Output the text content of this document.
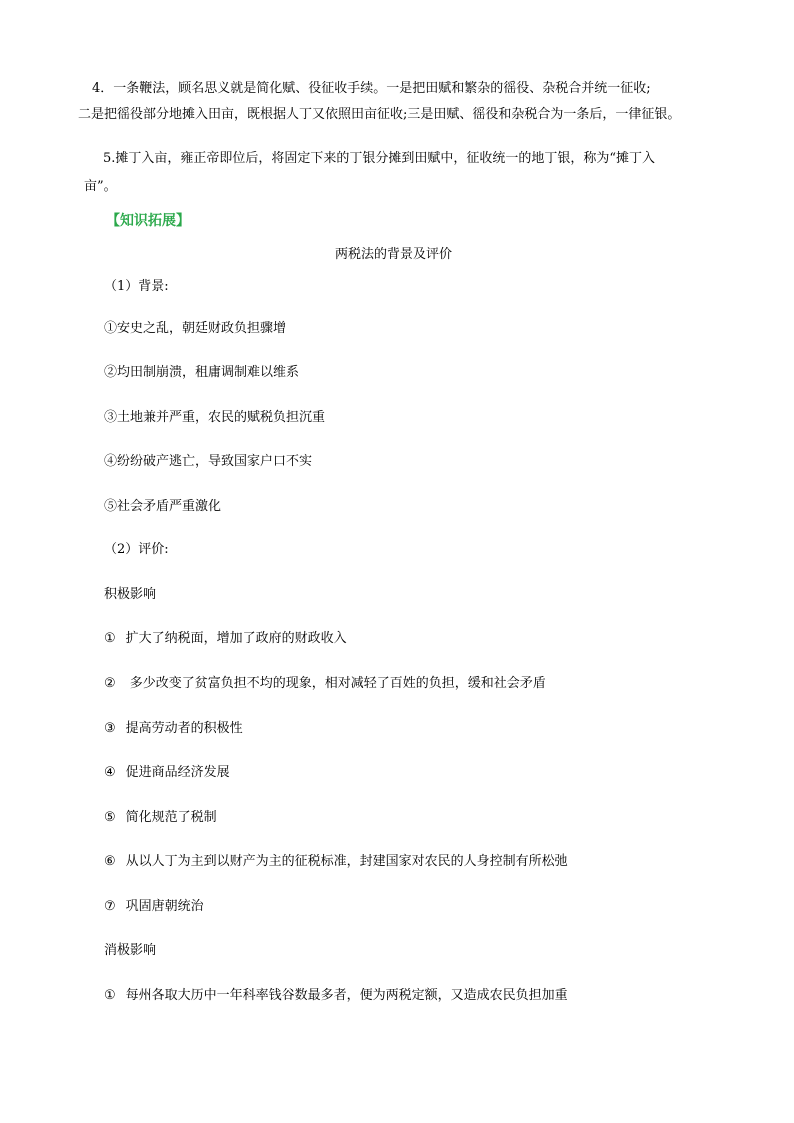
4．一条鞭法，顾名思义就是简化赋、役征收手续。一是把田赋和繁杂的徭役、杂税合并统一征收;
二是把徭役部分地摊入田亩，既根据人丁又依照田亩征收;三是田赋、徭役和杂税合为一条后，一律征银。
5.摊丁入亩，雍正帝即位后，将固定下来的丁银分摊到田赋中，征收统一的地丁银，称为“摊丁入
亩”。
【知识拓展】
两税法的背景及评价
（1）背景:
①安史之乱，朝廷财政负担骤增
②均田制崩溃，租庸调制难以维系
③土地兼并严重，农民的赋税负担沉重
④纷纷破产逃亡，导致国家户口不实
⑤社会矛盾严重激化
（2）评价:
积极影响
① 扩大了纳税面，增加了政府的财政收入
② 多少改变了贫富负担不均的现象，相对减轻了百姓的负担，缓和社会矛盾
③ 提高劳动者的积极性
④ 促进商品经济发展
⑤ 简化规范了税制
⑥ 从以人丁为主到以财产为主的征税标准，封建国家对农民的人身控制有所松弛
⑦ 巩固唐朝统治
消极影响
① 每州各取大历中一年科率钱谷数最多者，便为两税定额，又造成农民负担加重
